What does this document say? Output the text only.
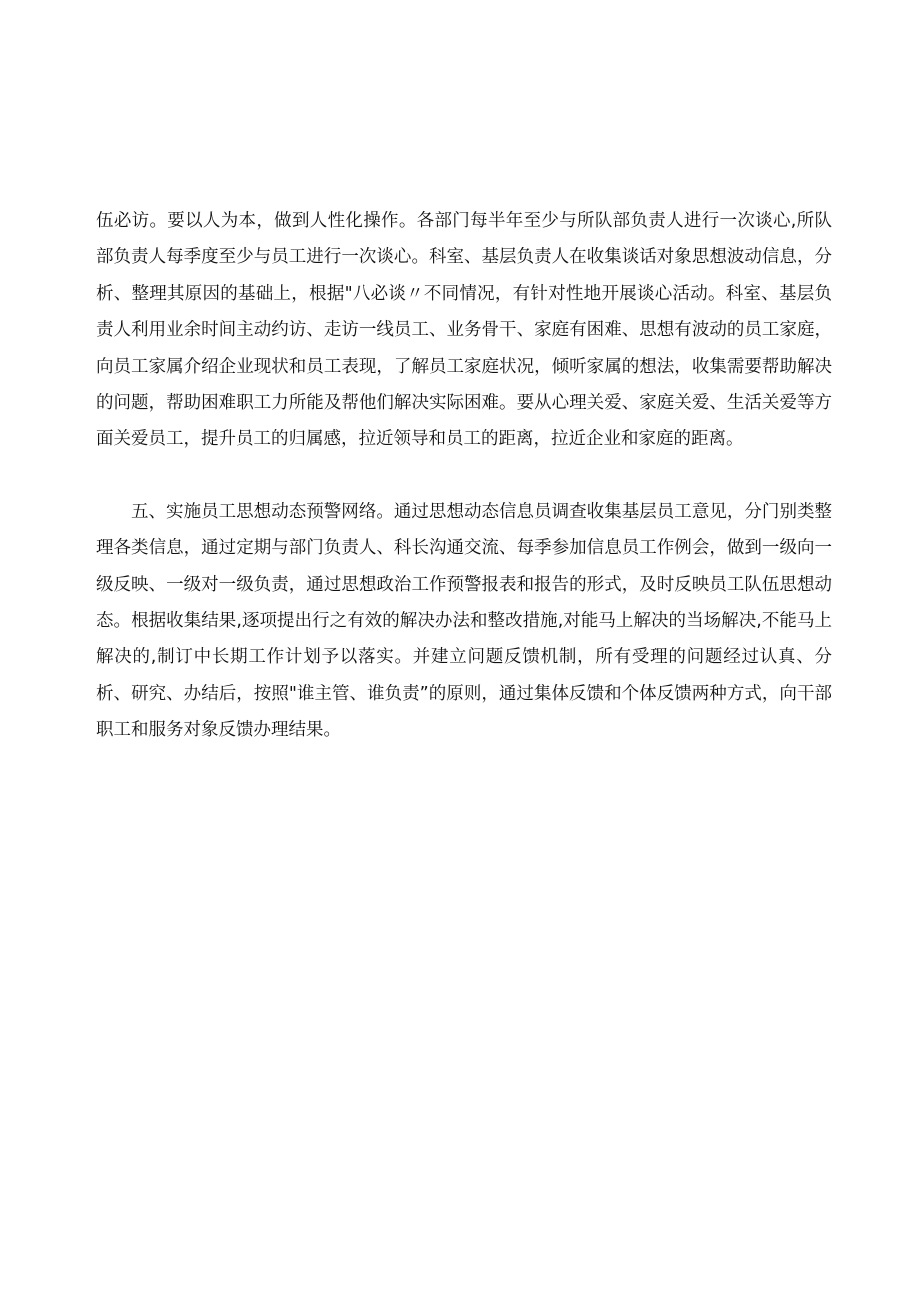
伍必访。要以人为本，做到人性化操作。各部门每半年至少与所队部负责人进行一次谈心,所队部负责人每季度至少与员工进行一次谈心。科室、基层负责人在收集谈话对象思想波动信息，分析、整理其原因的基础上，根据"八必谈〃不同情况，有针对性地开展谈心活动。科室、基层负责人利用业余时间主动约访、走访一线员工、业务骨干、家庭有困难、思想有波动的员工家庭，向员工家属介绍企业现状和员工表现，了解员工家庭状况，倾听家属的想法，收集需要帮助解决的问题，帮助困难职工力所能及帮他们解决实际困难。要从心理关爱、家庭关爱、生活关爱等方面关爱员工，提升员工的归属感，拉近领导和员工的距离，拉近企业和家庭的距离。

五、实施员工思想动态预警网络。通过思想动态信息员调查收集基层员工意见，分门别类整理各类信息，通过定期与部门负责人、科长沟通交流、每季参加信息员工作例会，做到一级向一级反映、一级对一级负责，通过思想政治工作预警报表和报告的形式，及时反映员工队伍思想动态。根据收集结果,逐项提出行之有效的解决办法和整改措施,对能马上解决的当场解决,不能马上解决的,制订中长期工作计划予以落实。并建立问题反馈机制，所有受理的问题经过认真、分析、研究、办结后，按照"谁主管、谁负责”的原则，通过集体反馈和个体反馈两种方式，向干部职工和服务对象反馈办理结果。
